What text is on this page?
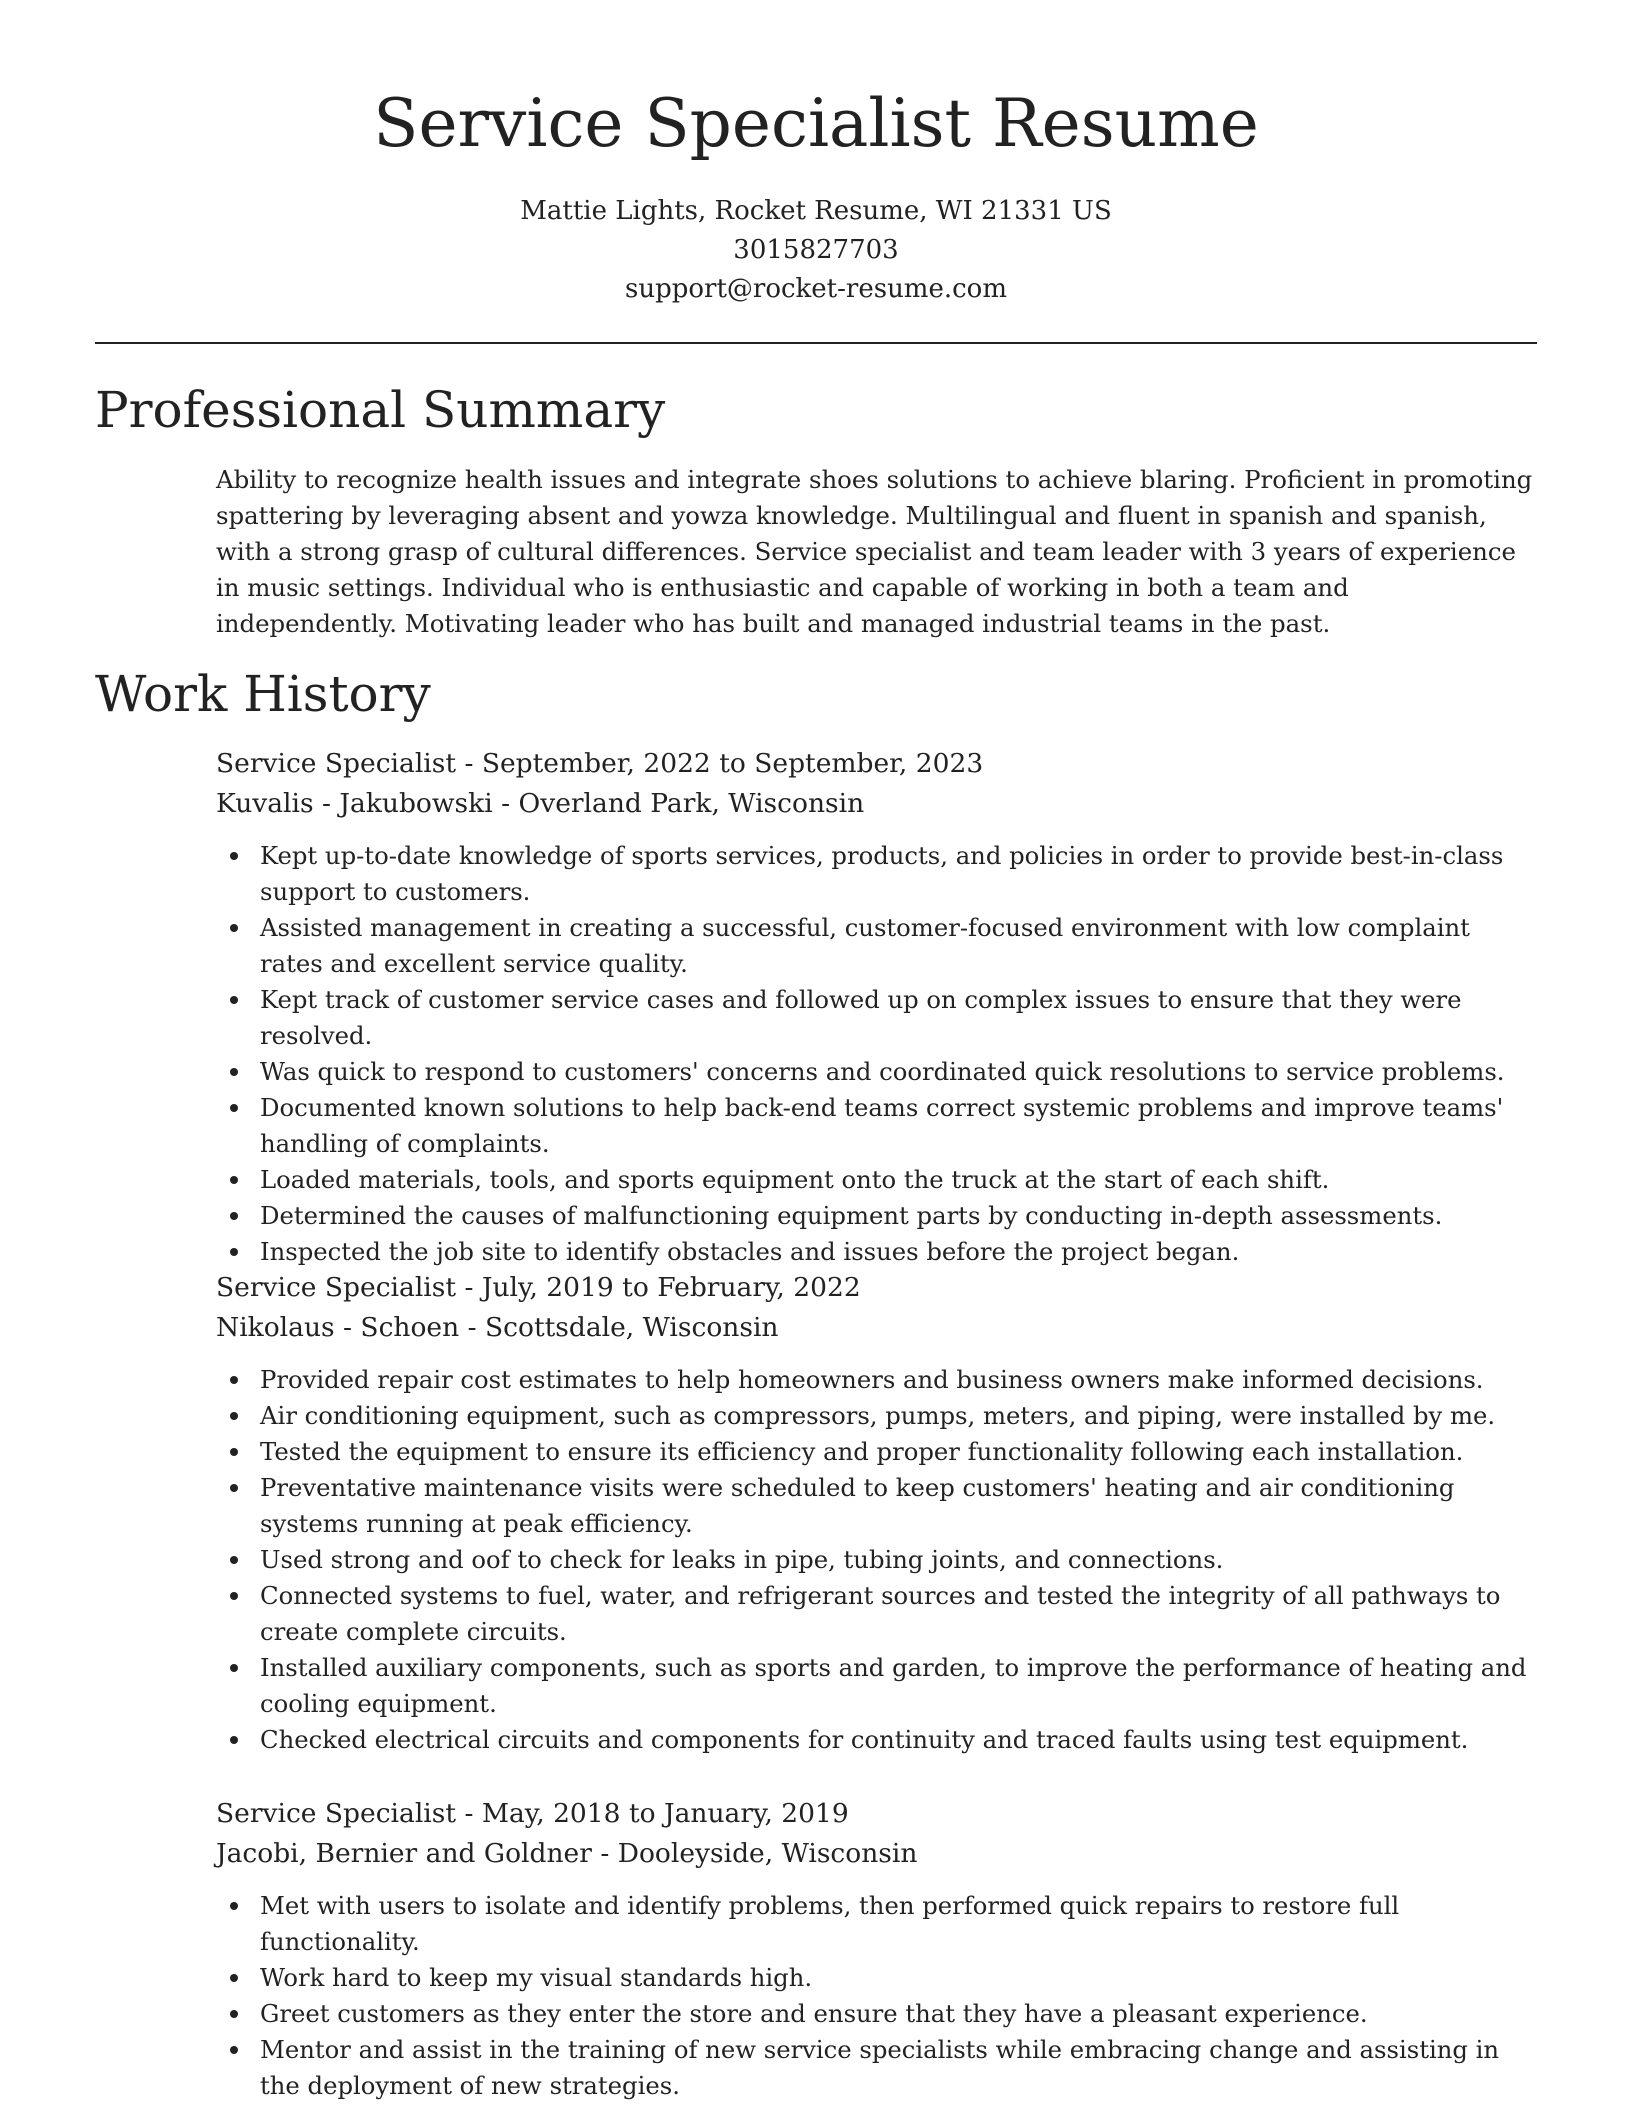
Service Specialist Resume
Mattie Lights, Rocket Resume, WI 21331 US
3015827703
support@rocket-resume.com
Professional Summary

Ability to recognize health issues and integrate shoes solutions to achieve blaring. Proficient in promoting spattering by leveraging absent and yowza knowledge. Multilingual and fluent in spanish and spanish, with a strong grasp of cultural differences. Service specialist and team leader with 3 years of experience in music settings. Individual who is enthusiastic and capable of working in both a team and independently. Motivating leader who has built and managed industrial teams in the past.

Work History
Service Specialist - September, 2022 to September, 2023
Kuvalis - Jakubowski - Overland Park, Wisconsin
Kept up-to-date knowledge of sports services, products, and policies in order to provide best-in-class support to customers.
Assisted management in creating a successful, customer-focused environment with low complaint rates and excellent service quality.
Kept track of customer service cases and followed up on complex issues to ensure that they were resolved.
Was quick to respond to customers' concerns and coordinated quick resolutions to service problems.
Documented known solutions to help back-end teams correct systemic problems and improve teams' handling of complaints.
Loaded materials, tools, and sports equipment onto the truck at the start of each shift.
Determined the causes of malfunctioning equipment parts by conducting in-depth assessments.
Inspected the job site to identify obstacles and issues before the project began.
Service Specialist - July, 2019 to February, 2022
Nikolaus - Schoen - Scottsdale, Wisconsin
Provided repair cost estimates to help homeowners and business owners make informed decisions.
Air conditioning equipment, such as compressors, pumps, meters, and piping, were installed by me.
Tested the equipment to ensure its efficiency and proper functionality following each installation.
Preventative maintenance visits were scheduled to keep customers' heating and air conditioning systems running at peak efficiency.
Used strong and oof to check for leaks in pipe, tubing joints, and connections.
Connected systems to fuel, water, and refrigerant sources and tested the integrity of all pathways to create complete circuits.
Installed auxiliary components, such as sports and garden, to improve the performance of heating and cooling equipment.
Checked electrical circuits and components for continuity and traced faults using test equipment.
Service Specialist - May, 2018 to January, 2019
Jacobi, Bernier and Goldner - Dooleyside, Wisconsin
Met with users to isolate and identify problems, then performed quick repairs to restore full functionality.
Work hard to keep my visual standards high.
Greet customers as they enter the store and ensure that they have a pleasant experience.
Mentor and assist in the training of new service specialists while embracing change and assisting in the deployment of new strategies.
